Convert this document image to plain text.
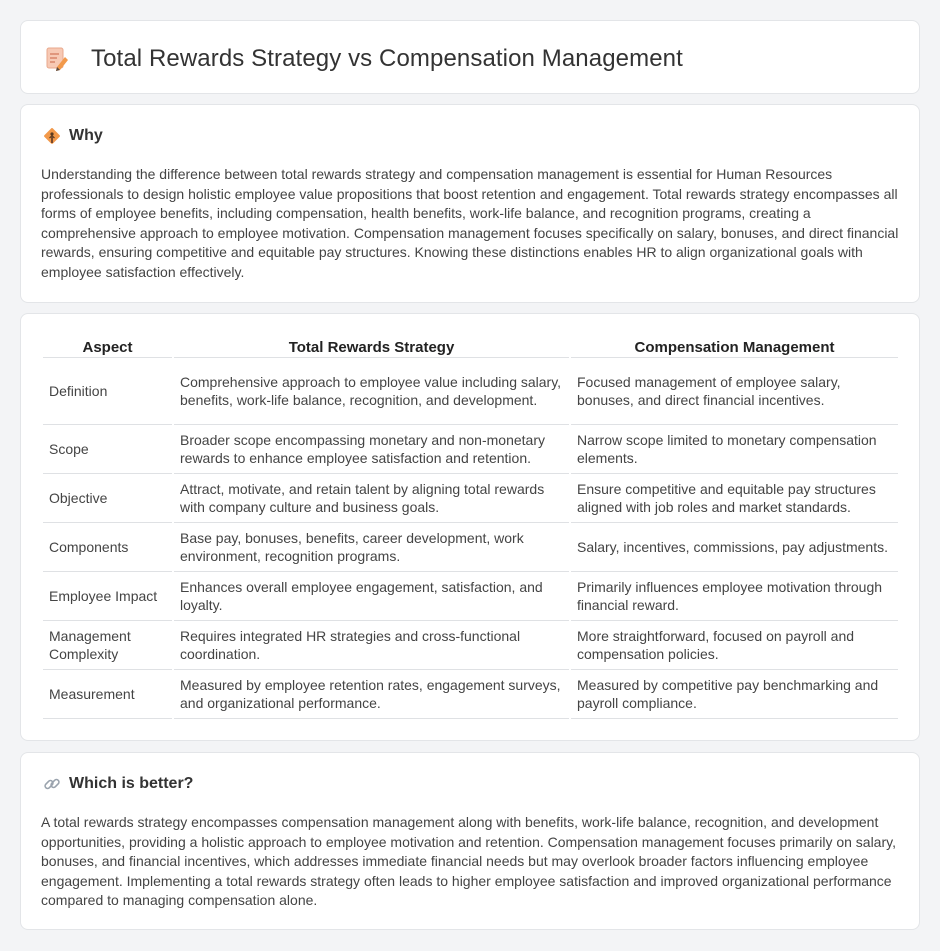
Total Rewards Strategy vs Compensation Management
Why

Understanding the difference between total rewards strategy and compensation management is essential for Human Resources professionals to design holistic employee value propositions that boost retention and engagement. Total rewards strategy encompasses all forms of employee benefits, including compensation, health benefits, work-life balance, and recognition programs, creating a comprehensive approach to employee motivation. Compensation management focuses specifically on salary, bonuses, and direct financial rewards, ensuring competitive and equitable pay structures. Knowing these distinctions enables HR to align organizational goals with employee satisfaction effectively.

Aspect	Total Rewards Strategy	Compensation Management
Definition	Comprehensive approach to employee value including salary, benefits, work-life balance, recognition, and development.	Focused management of employee salary, bonuses, and direct financial incentives.
Scope	Broader scope encompassing monetary and non-monetary rewards to enhance employee satisfaction and retention.	Narrow scope limited to monetary compensation elements.
Objective	Attract, motivate, and retain talent by aligning total rewards with company culture and business goals.	Ensure competitive and equitable pay structures aligned with job roles and market standards.
Components	Base pay, bonuses, benefits, career development, work environment, recognition programs.	Salary, incentives, commissions, pay adjustments.
Employee Impact	Enhances overall employee engagement, satisfaction, and loyalty.	Primarily influences employee motivation through financial reward.
Management Complexity	Requires integrated HR strategies and cross-functional coordination.	More straightforward, focused on payroll and compensation policies.
Measurement	Measured by employee retention rates, engagement surveys, and organizational performance.	Measured by competitive pay benchmarking and payroll compliance.
Which is better?

A total rewards strategy encompasses compensation management along with benefits, work-life balance, recognition, and development opportunities, providing a holistic approach to employee motivation and retention. Compensation management focuses primarily on salary, bonuses, and financial incentives, which addresses immediate financial needs but may overlook broader factors influencing employee engagement. Implementing a total rewards strategy often leads to higher employee satisfaction and improved organizational performance compared to managing compensation alone.
